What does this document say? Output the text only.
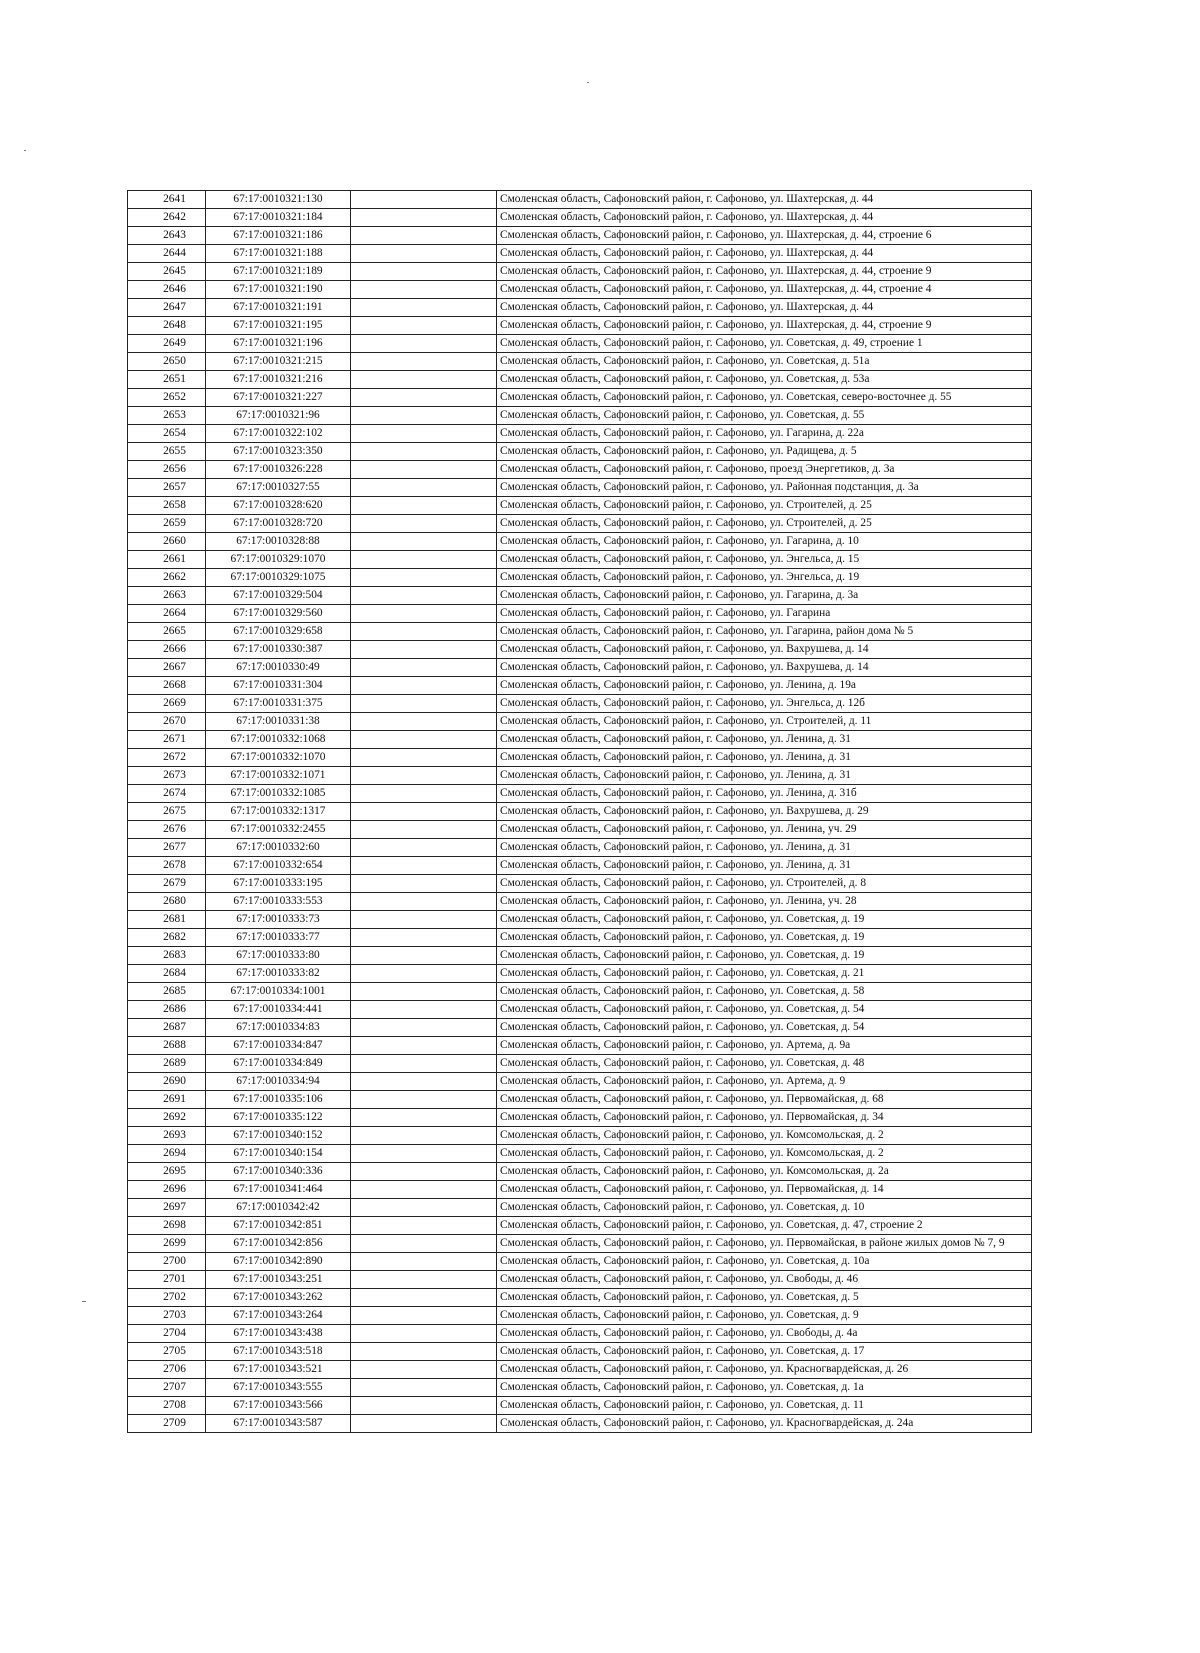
2641	67:17:0010321:130		Смоленская область, Сафоновский район, г. Сафоново, ул. Шахтерская, д. 44
2642	67:17:0010321:184		Смоленская область, Сафоновский район, г. Сафоново, ул. Шахтерская, д. 44
2643	67:17:0010321:186		Смоленская область, Сафоновский район, г. Сафоново, ул. Шахтерская, д. 44, строение 6
2644	67:17:0010321:188		Смоленская область, Сафоновский район, г. Сафоново, ул. Шахтерская, д. 44
2645	67:17:0010321:189		Смоленская область, Сафоновский район, г. Сафоново, ул. Шахтерская, д. 44, строение 9
2646	67:17:0010321:190		Смоленская область, Сафоновский район, г. Сафоново, ул. Шахтерская, д. 44, строение 4
2647	67:17:0010321:191		Смоленская область, Сафоновский район, г. Сафоново, ул. Шахтерская, д. 44
2648	67:17:0010321:195		Смоленская область, Сафоновский район, г. Сафоново, ул. Шахтерская, д. 44, строение 9
2649	67:17:0010321:196		Смоленская область, Сафоновский район, г. Сафоново, ул. Советская, д. 49, строение 1
2650	67:17:0010321:215		Смоленская область, Сафоновский район, г. Сафоново, ул. Советская, д. 51а
2651	67:17:0010321:216		Смоленская область, Сафоновский район, г. Сафоново, ул. Советская, д. 53а
2652	67:17:0010321:227		Смоленская область, Сафоновский район, г. Сафоново, ул. Советская, северо-восточнее д. 55
2653	67:17:0010321:96		Смоленская область, Сафоновский район, г. Сафоново, ул. Советская, д. 55
2654	67:17:0010322:102		Смоленская область, Сафоновский район, г. Сафоново, ул. Гагарина, д. 22а
2655	67:17:0010323:350		Смоленская область, Сафоновский район, г. Сафоново, ул. Радищева, д. 5
2656	67:17:0010326:228		Смоленская область, Сафоновский район, г. Сафоново, проезд Энергетиков, д. 3а
2657	67:17:0010327:55		Смоленская область, Сафоновский район, г. Сафоново, ул. Районная подстанция, д. 3а
2658	67:17:0010328:620		Смоленская область, Сафоновский район, г. Сафоново, ул. Строителей, д. 25
2659	67:17:0010328:720		Смоленская область, Сафоновский район, г. Сафоново, ул. Строителей, д. 25
2660	67:17:0010328:88		Смоленская область, Сафоновский район, г. Сафоново, ул. Гагарина, д. 10
2661	67:17:0010329:1070		Смоленская область, Сафоновский район, г. Сафоново, ул. Энгельса, д. 15
2662	67:17:0010329:1075		Смоленская область, Сафоновский район, г. Сафоново, ул. Энгельса, д. 19
2663	67:17:0010329:504		Смоленская область, Сафоновский район, г. Сафоново, ул. Гагарина, д. 3а
2664	67:17:0010329:560		Смоленская область, Сафоновский район, г. Сафоново, ул. Гагарина
2665	67:17:0010329:658		Смоленская область, Сафоновский район, г. Сафоново, ул. Гагарина, район дома № 5
2666	67:17:0010330:387		Смоленская область, Сафоновский район, г. Сафоново, ул. Вахрушева, д. 14
2667	67:17:0010330:49		Смоленская область, Сафоновский район, г. Сафоново, ул. Вахрушева, д. 14
2668	67:17:0010331:304		Смоленская область, Сафоновский район, г. Сафоново, ул. Ленина, д. 19а
2669	67:17:0010331:375		Смоленская область, Сафоновский район, г. Сафоново, ул. Энгельса, д. 12б
2670	67:17:0010331:38		Смоленская область, Сафоновский район, г. Сафоново, ул. Строителей, д. 11
2671	67:17:0010332:1068		Смоленская область, Сафоновский район, г. Сафоново, ул. Ленина, д. 31
2672	67:17:0010332:1070		Смоленская область, Сафоновский район, г. Сафоново, ул. Ленина, д. 31
2673	67:17:0010332:1071		Смоленская область, Сафоновский район, г. Сафоново, ул. Ленина, д. 31
2674	67:17:0010332:1085		Смоленская область, Сафоновский район, г. Сафоново, ул. Ленина, д. 31б
2675	67:17:0010332:1317		Смоленская область, Сафоновский район, г. Сафоново, ул. Вахрушева, д. 29
2676	67:17:0010332:2455		Смоленская область, Сафоновский район, г. Сафоново, ул. Ленина, уч. 29
2677	67:17:0010332:60		Смоленская область, Сафоновский район, г. Сафоново, ул. Ленина, д. 31
2678	67:17:0010332:654		Смоленская область, Сафоновский район, г. Сафоново, ул. Ленина, д. 31
2679	67:17:0010333:195		Смоленская область, Сафоновский район, г. Сафоново, ул. Строителей, д. 8
2680	67:17:0010333:553		Смоленская область, Сафоновский район, г. Сафоново, ул. Ленина, уч. 28
2681	67:17:0010333:73		Смоленская область, Сафоновский район, г. Сафоново, ул. Советская, д. 19
2682	67:17:0010333:77		Смоленская область, Сафоновский район, г. Сафоново, ул. Советская, д. 19
2683	67:17:0010333:80		Смоленская область, Сафоновский район, г. Сафоново, ул. Советская, д. 19
2684	67:17:0010333:82		Смоленская область, Сафоновский район, г. Сафоново, ул. Советская, д. 21
2685	67:17:0010334:1001		Смоленская область, Сафоновский район, г. Сафоново, ул. Советская, д. 58
2686	67:17:0010334:441		Смоленская область, Сафоновский район, г. Сафоново, ул. Советская, д. 54
2687	67:17:0010334:83		Смоленская область, Сафоновский район, г. Сафоново, ул. Советская, д. 54
2688	67:17:0010334:847		Смоленская область, Сафоновский район, г. Сафоново, ул. Артема, д. 9а
2689	67:17:0010334:849		Смоленская область, Сафоновский район, г. Сафоново, ул. Советская, д. 48
2690	67:17:0010334:94		Смоленская область, Сафоновский район, г. Сафоново, ул. Артема, д. 9
2691	67:17:0010335:106		Смоленская область, Сафоновский район, г. Сафоново, ул. Первомайская, д. 68
2692	67:17:0010335:122		Смоленская область, Сафоновский район, г. Сафоново, ул. Первомайская, д. 34
2693	67:17:0010340:152		Смоленская область, Сафоновский район, г. Сафоново, ул. Комсомольская, д. 2
2694	67:17:0010340:154		Смоленская область, Сафоновский район, г. Сафоново, ул. Комсомольская, д. 2
2695	67:17:0010340:336		Смоленская область, Сафоновский район, г. Сафоново, ул. Комсомольская, д. 2а
2696	67:17:0010341:464		Смоленская область, Сафоновский район, г. Сафоново, ул. Первомайская, д. 14
2697	67:17:0010342:42		Смоленская область, Сафоновский район, г. Сафоново, ул. Советская, д. 10
2698	67:17:0010342:851		Смоленская область, Сафоновский район, г. Сафоново, ул. Советская, д. 47, строение 2
2699	67:17:0010342:856		Смоленская область, Сафоновский район, г. Сафоново, ул. Первомайская, в районе жилых домов № 7, 9
2700	67:17:0010342:890		Смоленская область, Сафоновский район, г. Сафоново, ул. Советская, д. 10а
2701	67:17:0010343:251		Смоленская область, Сафоновский район, г. Сафоново, ул. Свободы, д. 46
2702	67:17:0010343:262		Смоленская область, Сафоновский район, г. Сафоново, ул. Советская, д. 5
2703	67:17:0010343:264		Смоленская область, Сафоновский район, г. Сафоново, ул. Советская, д. 9
2704	67:17:0010343:438		Смоленская область, Сафоновский район, г. Сафоново, ул. Свободы, д. 4а
2705	67:17:0010343:518		Смоленская область, Сафоновский район, г. Сафоново, ул. Советская, д. 17
2706	67:17:0010343:521		Смоленская область, Сафоновский район, г. Сафоново, ул. Красногвардейская, д. 26
2707	67:17:0010343:555		Смоленская область, Сафоновский район, г. Сафоново, ул. Советская, д. 1а
2708	67:17:0010343:566		Смоленская область, Сафоновский район, г. Сафоново, ул. Советская, д. 11
2709	67:17:0010343:587		Смоленская область, Сафоновский район, г. Сафоново, ул. Красногвардейская, д. 24а
